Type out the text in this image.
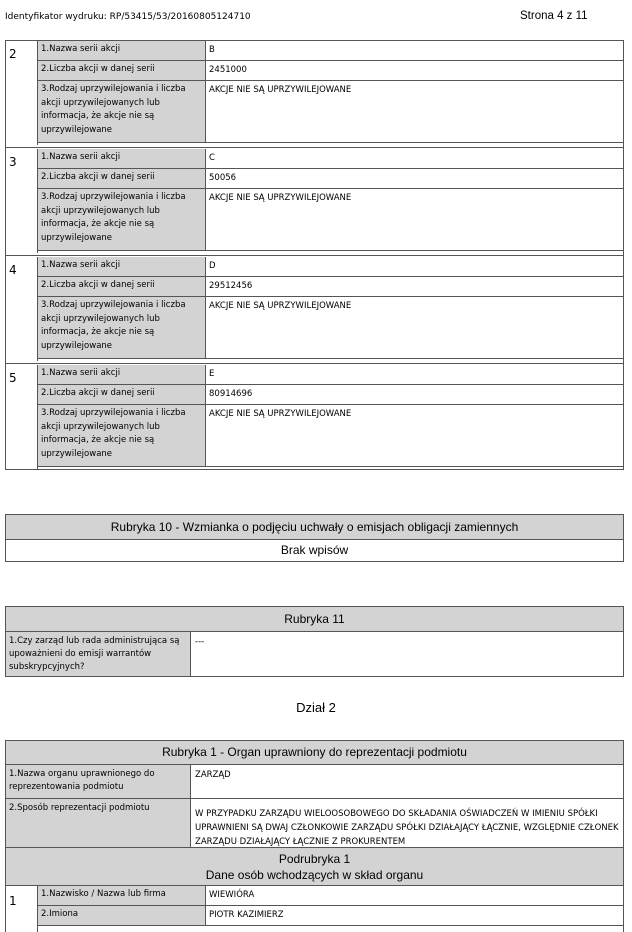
Identyfikator wydruku: RP/53415/53/20160805124710	Strona 4 z 11
2	1.Nazwa serii akcji	B
2.Liczba akcji w danej serii	2451000
3.Rodzaj uprzywilejowania i liczba akcji uprzywilejowanych lub informacja, że akcje nie są uprzywilejowane
AKCJE NIE SĄ UPRZYWILEJOWANE
3	1.Nazwa serii akcji	C
2.Liczba akcji w danej serii	50056
3.Rodzaj uprzywilejowania i liczba akcji uprzywilejowanych lub informacja, że akcje nie są uprzywilejowane
AKCJE NIE SĄ UPRZYWILEJOWANE
4	1.Nazwa serii akcji	D
2.Liczba akcji w danej serii	29512456
3.Rodzaj uprzywilejowania i liczba akcji uprzywilejowanych lub informacja, że akcje nie są uprzywilejowane
AKCJE NIE SĄ UPRZYWILEJOWANE
5	1.Nazwa serii akcji	E
2.Liczba akcji w danej serii	80914696
3.Rodzaj uprzywilejowania i liczba akcji uprzywilejowanych lub informacja, że akcje nie są uprzywilejowane
AKCJE NIE SĄ UPRZYWILEJOWANE
Rubryka 10 - Wzmianka o podjęciu uchwały o emisjach obligacji zamiennych
Brak wpisów
Rubryka 11
1.Czy zarząd lub rada administrująca są upoważnieni do emisji warrantów subskrypcyjnych?
---
Dział 2
Rubryka 1 - Organ uprawniony do reprezentacji podmiotu
1.Nazwa organu uprawnionego do reprezentowania podmiotu
ZARZĄD
2.Sposób reprezentacji podmiotu
W PRZYPADKU ZARZĄDU WIELOOSOBOWEGO DO SKŁADANIA OŚWIADCZEŃ W IMIENIU SPÓŁKI UPRAWNIENI SĄ DWAJ CZŁONKOWIE ZARZĄDU SPÓŁKI DZIAŁAJĄCY ŁĄCZNIE, WZGLĘDNIE CZŁONEK ZARZĄDU DZIAŁAJĄCY ŁĄCZNIE Z PROKURENTEM
Podrubryka 1
Dane osób wchodzących w skład organu
1	1.Nazwisko / Nazwa lub firma	WIEWIÓRA
2.Imiona	PIOTR KAZIMIERZ
